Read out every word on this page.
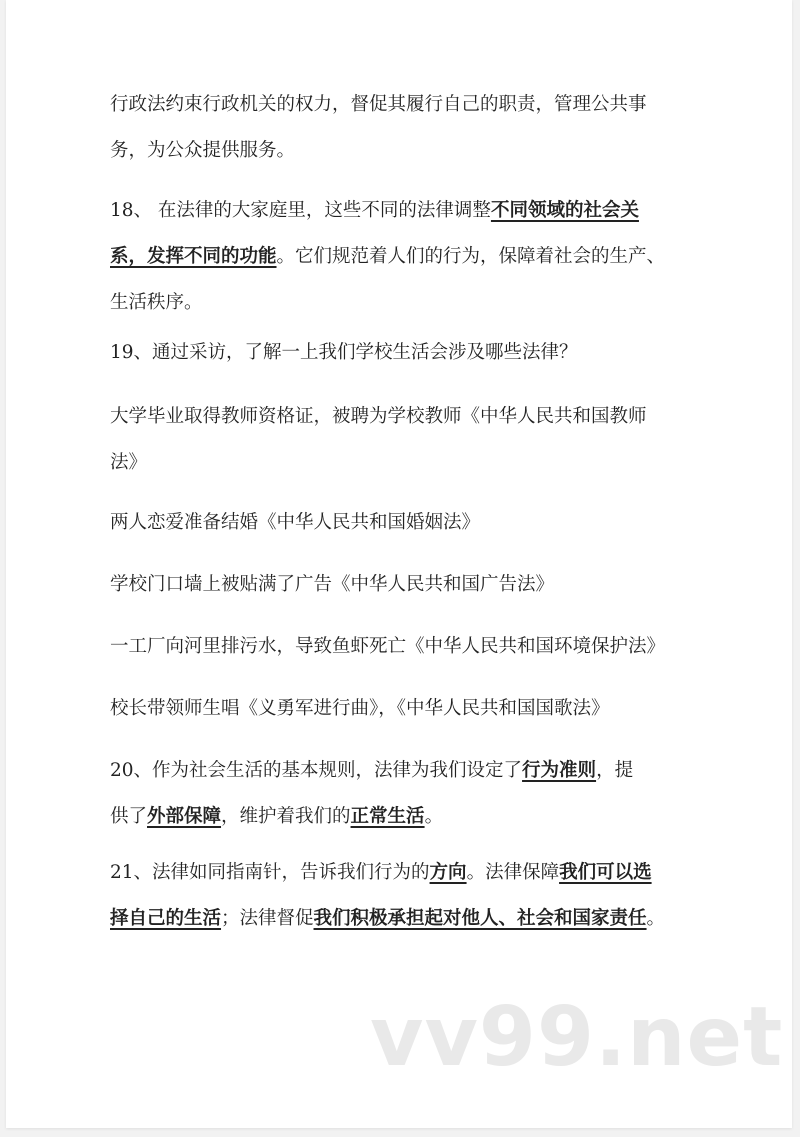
行政法约束行政机关的权力，督促其履行自己的职责，管理公共事
务，为公众提供服务。
18、 在法律的大家庭里，这些不同的法律调整不同领域的社会关
系，发挥不同的功能。它们规范着人们的行为，保障着社会的生产、
生活秩序。
19、通过采访，了解一上我们学校生活会涉及哪些法律？
大学毕业取得教师资格证，被聘为学校教师《中华人民共和国教师
法》
两人恋爱准备结婚《中华人民共和国婚姻法》
学校门口墙上被贴满了广告《中华人民共和国广告法》
一工厂向河里排污水，导致鱼虾死亡《中华人民共和国环境保护法》
校长带领师生唱《义勇军进行曲》，《中华人民共和国国歌法》
20、作为社会生活的基本规则，法律为我们设定了行为准则，提
供了外部保障，维护着我们的正常生活。
21、法律如同指南针，告诉我们行为的方向。法律保障我们可以选
择自己的生活；法律督促我们积极承担起对他人、社会和国家责任。
vv99.net
